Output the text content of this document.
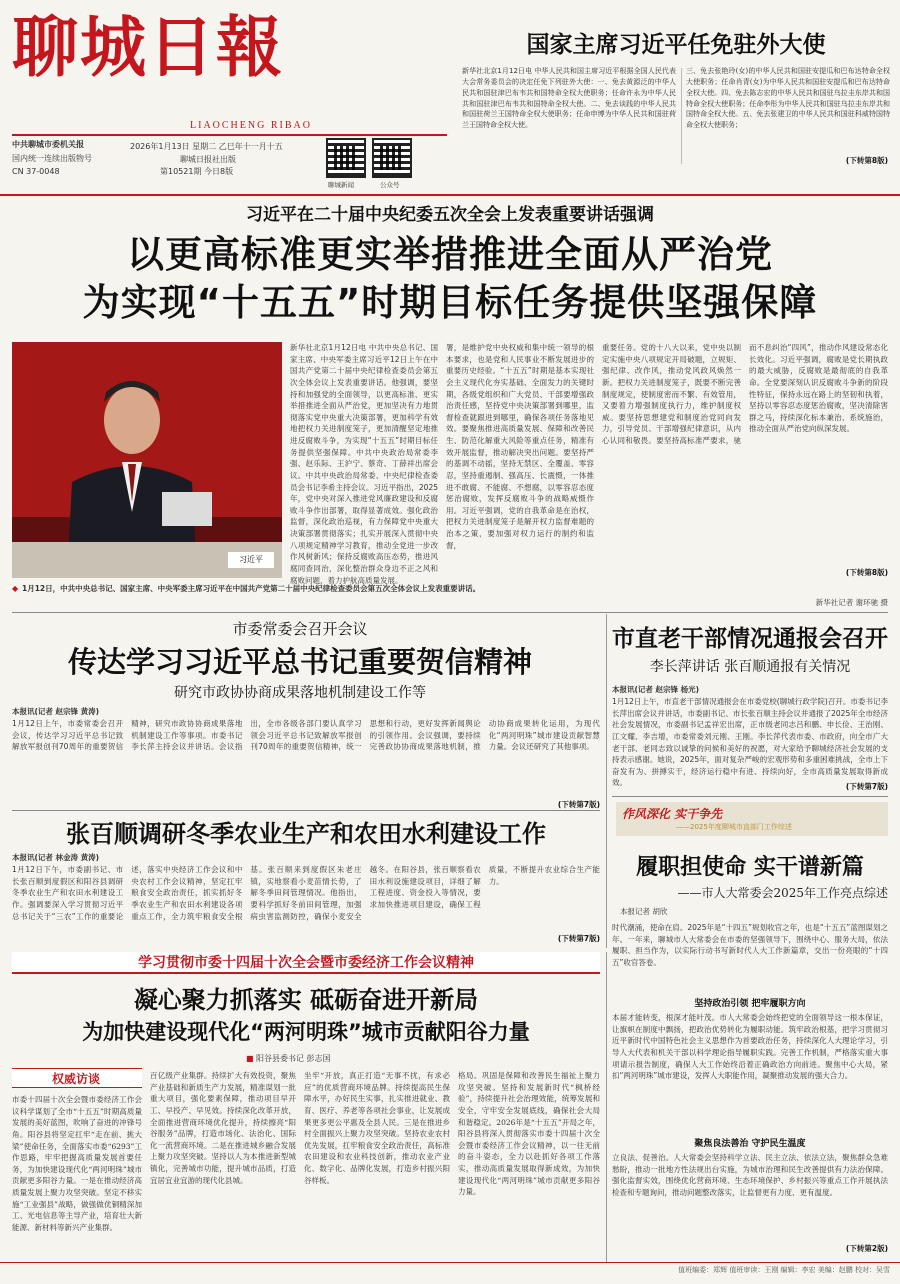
聊城日報
LIAOCHENG RIBAO
中共聊城市委机关报
国内统一连续出版物号
CN 37-0048
2026年1月13日 星期二 乙巳年十一月十五
聊城日报社出版
第10521期 今日8版
聊城新闻	公众号
国家主席习近平任免驻外大使
新华社北京1月12日电 中华人民共和国主席习近平根据全国人民代表大会常务委员会的决定任免下列驻外大使：一、免去黄源泛的中华人民共和国驻津巴布韦共和国特命全权大使职务；任命许永为中华人民共和国驻津巴布韦共和国特命全权大使。二、免去谈践的中华人民共和国驻荷兰王国特命全权大使职务；任命申博为中华人民共和国驻荷兰王国特命全权大使。
三、免去张艳玲(女)的中华人民共和国驻安提瓜和巴布达特命全权大使职务；任命肖青(女)为中华人民共和国驻安提瓜和巴布达特命全权大使。四、免去陈志宏的中华人民共和国驻乌拉圭东岸共和国特命全权大使职务；任命李彤为中华人民共和国驻乌拉圭东岸共和国特命全权大使。五、免去张建卫的中华人民共和国驻科威特国特命全权大使职务；
(下转第8版)
习近平在二十届中央纪委五次全会上发表重要讲话强调
以更高标准更实举措推进全面从严治党
为实现“十五五”时期目标任务提供坚强保障
习近平
新华社北京1月12日电 中共中央总书记、国家主席、中央军委主席习近平12日上午在中国共产党第二十届中央纪律检查委员会第五次全体会议上发表重要讲话。他强调，要坚持和加强党的全面领导，以更高标准、更实举措推进全面从严治党，更加坚决有力地贯彻落实党中央重大决策部署，更加科学有效地把权力关进制度笼子，更加清醒坚定地推进反腐败斗争，为实现“十五五”时期目标任务提供坚强保障。中共中央政治局常委李强、赵乐际、王沪宁、蔡奇、丁薛祥出席会议。中共中央政治局常委、中央纪律检查委员会书记李希主持会议。习近平指出，2025年，党中央对深入推进党风廉政建设和反腐败斗争作出部署，取得显著成效。强化政治监督，深化政治巡视，有力保障党中央重大决策部署贯彻落实；扎实开展深入贯彻中央八项规定精神学习教育，推动全党进一步改作风树新风；保持反腐败高压态势，推进风腐同查同治，深化整治群众身边不正之风和腐败问题，着力护航高质量发展。
署，是维护党中央权威和集中统一领导的根本要求，也是党和人民事业不断发展进步的重要历史经验。“十五五”时期是基本实现社会主义现代化夯实基础、全面发力的关键时期，各级党组织和广大党员、干部要增强政治责任感，坚持党中央决策部署到哪里，监督检查就跟进到哪里，确保各项任务落地见效。要聚焦推进高质量发展、保障和改善民生、防范化解重大风险等重点任务，精准有效开展监督，推动解决突出问题。要坚持严的基调不动摇，坚持无禁区、全覆盖、零容忍，坚持重遏制、强高压、长震慑，一体推进不敢腐、不能腐、不想腐，以零容忍态度惩治腐败，发挥反腐败斗争的战略威慑作用。习近平强调，党的自我革命是在治权，把权力关进制度笼子是解开权力监督难题的治本之策，要加强对权力运行的制约和监督，
重要任务。党的十八大以来，党中央以制定实施中央八项规定开局破题，立规矩、强纪律、改作风，推动党风政风焕然一新。把权力关进制度笼子，既要不断完善制度规定，使制度密而不繁、有效管用，又要着力增强制度执行力，维护制度权威。要坚持思想建党和制度治党同向发力，引导党员、干部增强纪律意识，从内心认同和敬畏。要坚持高标准严要求，驰而不息纠治“四风”，推动作风建设常态化长效化。习近平强调，腐败是党长期执政的最大威胁，反腐败是最彻底的自我革命。全党要深刻认识反腐败斗争新的阶段性特征，保持永远在路上的坚韧和执着，坚持以零容忍态度惩治腐败，坚决清除害群之马，持续深化标本兼治、系统施治，推动全面从严治党向纵深发展。
(下转第8版)
◆ 1月12日，中共中央总书记、国家主席、中央军委主席习近平在中国共产党第二十届中央纪律检查委员会第五次全体会议上发表重要讲话。
新华社记者 谢环驰 摄
市委常委会召开会议
传达学习习近平总书记重要贺信精神
研究市政协协商成果落地机制建设工作等
本报讯(记者 赵宗锋 黄涛)
1月12日上午，市委常委会召开会议，传达学习习近平总书记致解放军报创刊70周年的重要贺信精神，研究市政协协商成果落地机制建设工作等事项。市委书记李长萍主持会议并讲话。会议指出，全市各级各部门要认真学习领会习近平总书记致解放军报创刊70周年的重要贺信精神，统一思想和行动，更好发挥新闻舆论的引领作用。会议强调，要持续完善政协协商成果落地机制，推动协商成果转化运用，为现代化“两河明珠”城市建设贡献智慧力量。会议还研究了其他事项。
(下转第7版)
市直老干部情况通报会召开
李长萍讲话 张百顺通报有关情况
本报讯(记者 赵宗锋 杨光)
1月12日上午，市直老干部情况通报会在市委党校(聊城行政学院)召开。市委书记李长萍出席会议并讲话，市委副书记、市长张百顺主持会议并通报了2025年全市经济社会发展情况，市委副书记孟祥宏出席，正市级老同志吕和鹏、申长俭、王治刚、江文耀、李吉增，市委常委刘元刚、王刚。李长萍代表市委、市政府，向全市广大老干部、老同志致以诚挚的问候和美好的祝愿，对大家给予聊城经济社会发展的支持表示感谢。她说，2025年，面对复杂严峻的宏观形势和多重困难挑战，全市上下奋发有为、拼搏实干，经济运行稳中有进、持续向好，全市高质量发展取得新成效。	(下转第7版)
张百顺调研冬季农业生产和农田水利建设工作
本报讯(记者 林金涛 黄涛)
1月12日下午，市委副书记、市长张百顺到度假区和阳谷县调研冬季农业生产和农田水利建设工作。强调要深入学习贯彻习近平总书记关于“三农”工作的重要论述，落实中央经济工作会议和中央农村工作会议精神，坚定扛牢粮食安全政治责任，抓实抓好冬季农业生产和农田水利建设各项重点工作，全力筑牢粮食安全根基。张百顺来到度假区朱老庄镇，实地察看小麦苗情长势，了解冬季田间管理情况。他指出，要科学抓好冬前田间管理，加强病虫害监测防控，确保小麦安全越冬。在阳谷县，张百顺察看农田水利设施建设项目，详细了解工程进度、资金投入等情况，要求加快推进项目建设，确保工程质量，不断提升农业综合生产能力。
(下转第7版)
作风深化 实干争先
——2025年度聊城市直部门工作综述
履职担使命 实干谱新篇
——市人大常委会2025年工作亮点综述
本报记者 胡欣
时代潮涌，使命在肩。2025年是“十四五”规划收官之年，也是“十五五”蓝图谋划之年。一年来，聊城市人大常委会在市委的坚强领导下，围绕中心、服务大局，依法履职、担当作为，以实际行动书写新时代人大工作新篇章，交出一份亮眼的“十四五”收官答卷。
坚持政治引领 把牢履职方向
本届才能转变，根深才能叶茂。市人大常委会始终把党的全面领导这一根本保证，让旗帜在制度中飘扬，把政治优势转化为履职动能。筑牢政治根基，把学习贯彻习近平新时代中国特色社会主义思想作为首要政治任务，持续深化人大理论学习，引导人大代表和机关干部以科学理论指导履职实践。完善工作机制，严格落实重大事项请示报告制度，确保人大工作始终沿着正确政治方向前进。聚焦中心大局，紧扣“两河明珠”城市建设，发挥人大职能作用，凝聚推动发展的强大合力。
聚焦良法善治 守护民生温度
立良法、促善治。人大常委会坚持科学立法、民主立法、依法立法，聚焦群众急难愁盼，推动一批地方性法规出台实施，为城市治理和民生改善提供有力法治保障。强化监督实效，围绕优化营商环境、生态环境保护、乡村振兴等重点工作开展执法检查和专题询问，推动问题整改落实，让监督更有力度、更有温度。
(下转第2版)
学习贯彻市委十四届十次全会暨市委经济工作会议精神
凝心聚力抓落实 砥砺奋进开新局
为加快建设现代化“两河明珠”城市贡献阳谷力量
■ 阳谷县委书记 彭志国
权威访谈
市委十四届十次全会暨市委经济工作会议科学谋划了全市“十五五”时期高质量发展的美好蓝图，吹响了奋进的冲锋号角。阳谷县将坚定扛牢“走在前、挑大梁”使命任务，全面落实市委“6293”工作思路，牢牢把握高质量发展首要任务，为加快建设现代化“两河明珠”城市贡献更多阳谷力量。一是在推动经济高质量发展上聚力攻坚突破。坚定不移实施“工业强县”战略，做强做优铜精深加工、光电信息等主导产业，培育壮大新能源、新材料等新兴产业集群。
百亿级产业集群。持续扩大有效投资，聚焦产业基础和新质生产力发展，精准谋划一批重大项目，强化要素保障，推动项目早开工、早投产、早见效。持续深化改革开放，全面推进营商环境优化提升，持续擦亮“阳谷服务”品牌，打造市场化、法治化、国际化一流营商环境。二是在推进城乡融合发展上聚力攻坚突破。坚持以人为本推进新型城镇化，完善城市功能，提升城市品质，打造宜居宜业宜游的现代化县城。
坐牢“开放，真正打造“无事不扰，有求必应”的优质营商环境品牌。持续提高民生保障水平，办好民生实事，扎实推进就业、教育、医疗、养老等各项社会事业，让发展成果更多更公平惠及全县人民。三是在推进乡村全面振兴上聚力攻坚突破。坚持农业农村优先发展，扛牢粮食安全政治责任，高标准农田建设和农业科技创新，推动农业产业化、数字化、品牌化发展，打造乡村振兴阳谷样板。
格局。巩固是保障和改善民生福祉上聚力攻坚突破。坚持和发展新时代“枫桥经验”，持续提升社会治理效能，统筹发展和安全，守牢安全发展底线，确保社会大局和谐稳定。2026年是“十五五”开局之年，阳谷县将深入贯彻落实市委十四届十次全会暨市委经济工作会议精神，以一往无前的奋斗姿态，全力以赴抓好各项工作落实，推动高质量发展取得新成效，为加快建设现代化“两河明珠”城市贡献更多阳谷力量。
值班编委：郑辉 值班审读：王刚 编辑：李宏 美编：赵鹏 校对：吴雪
